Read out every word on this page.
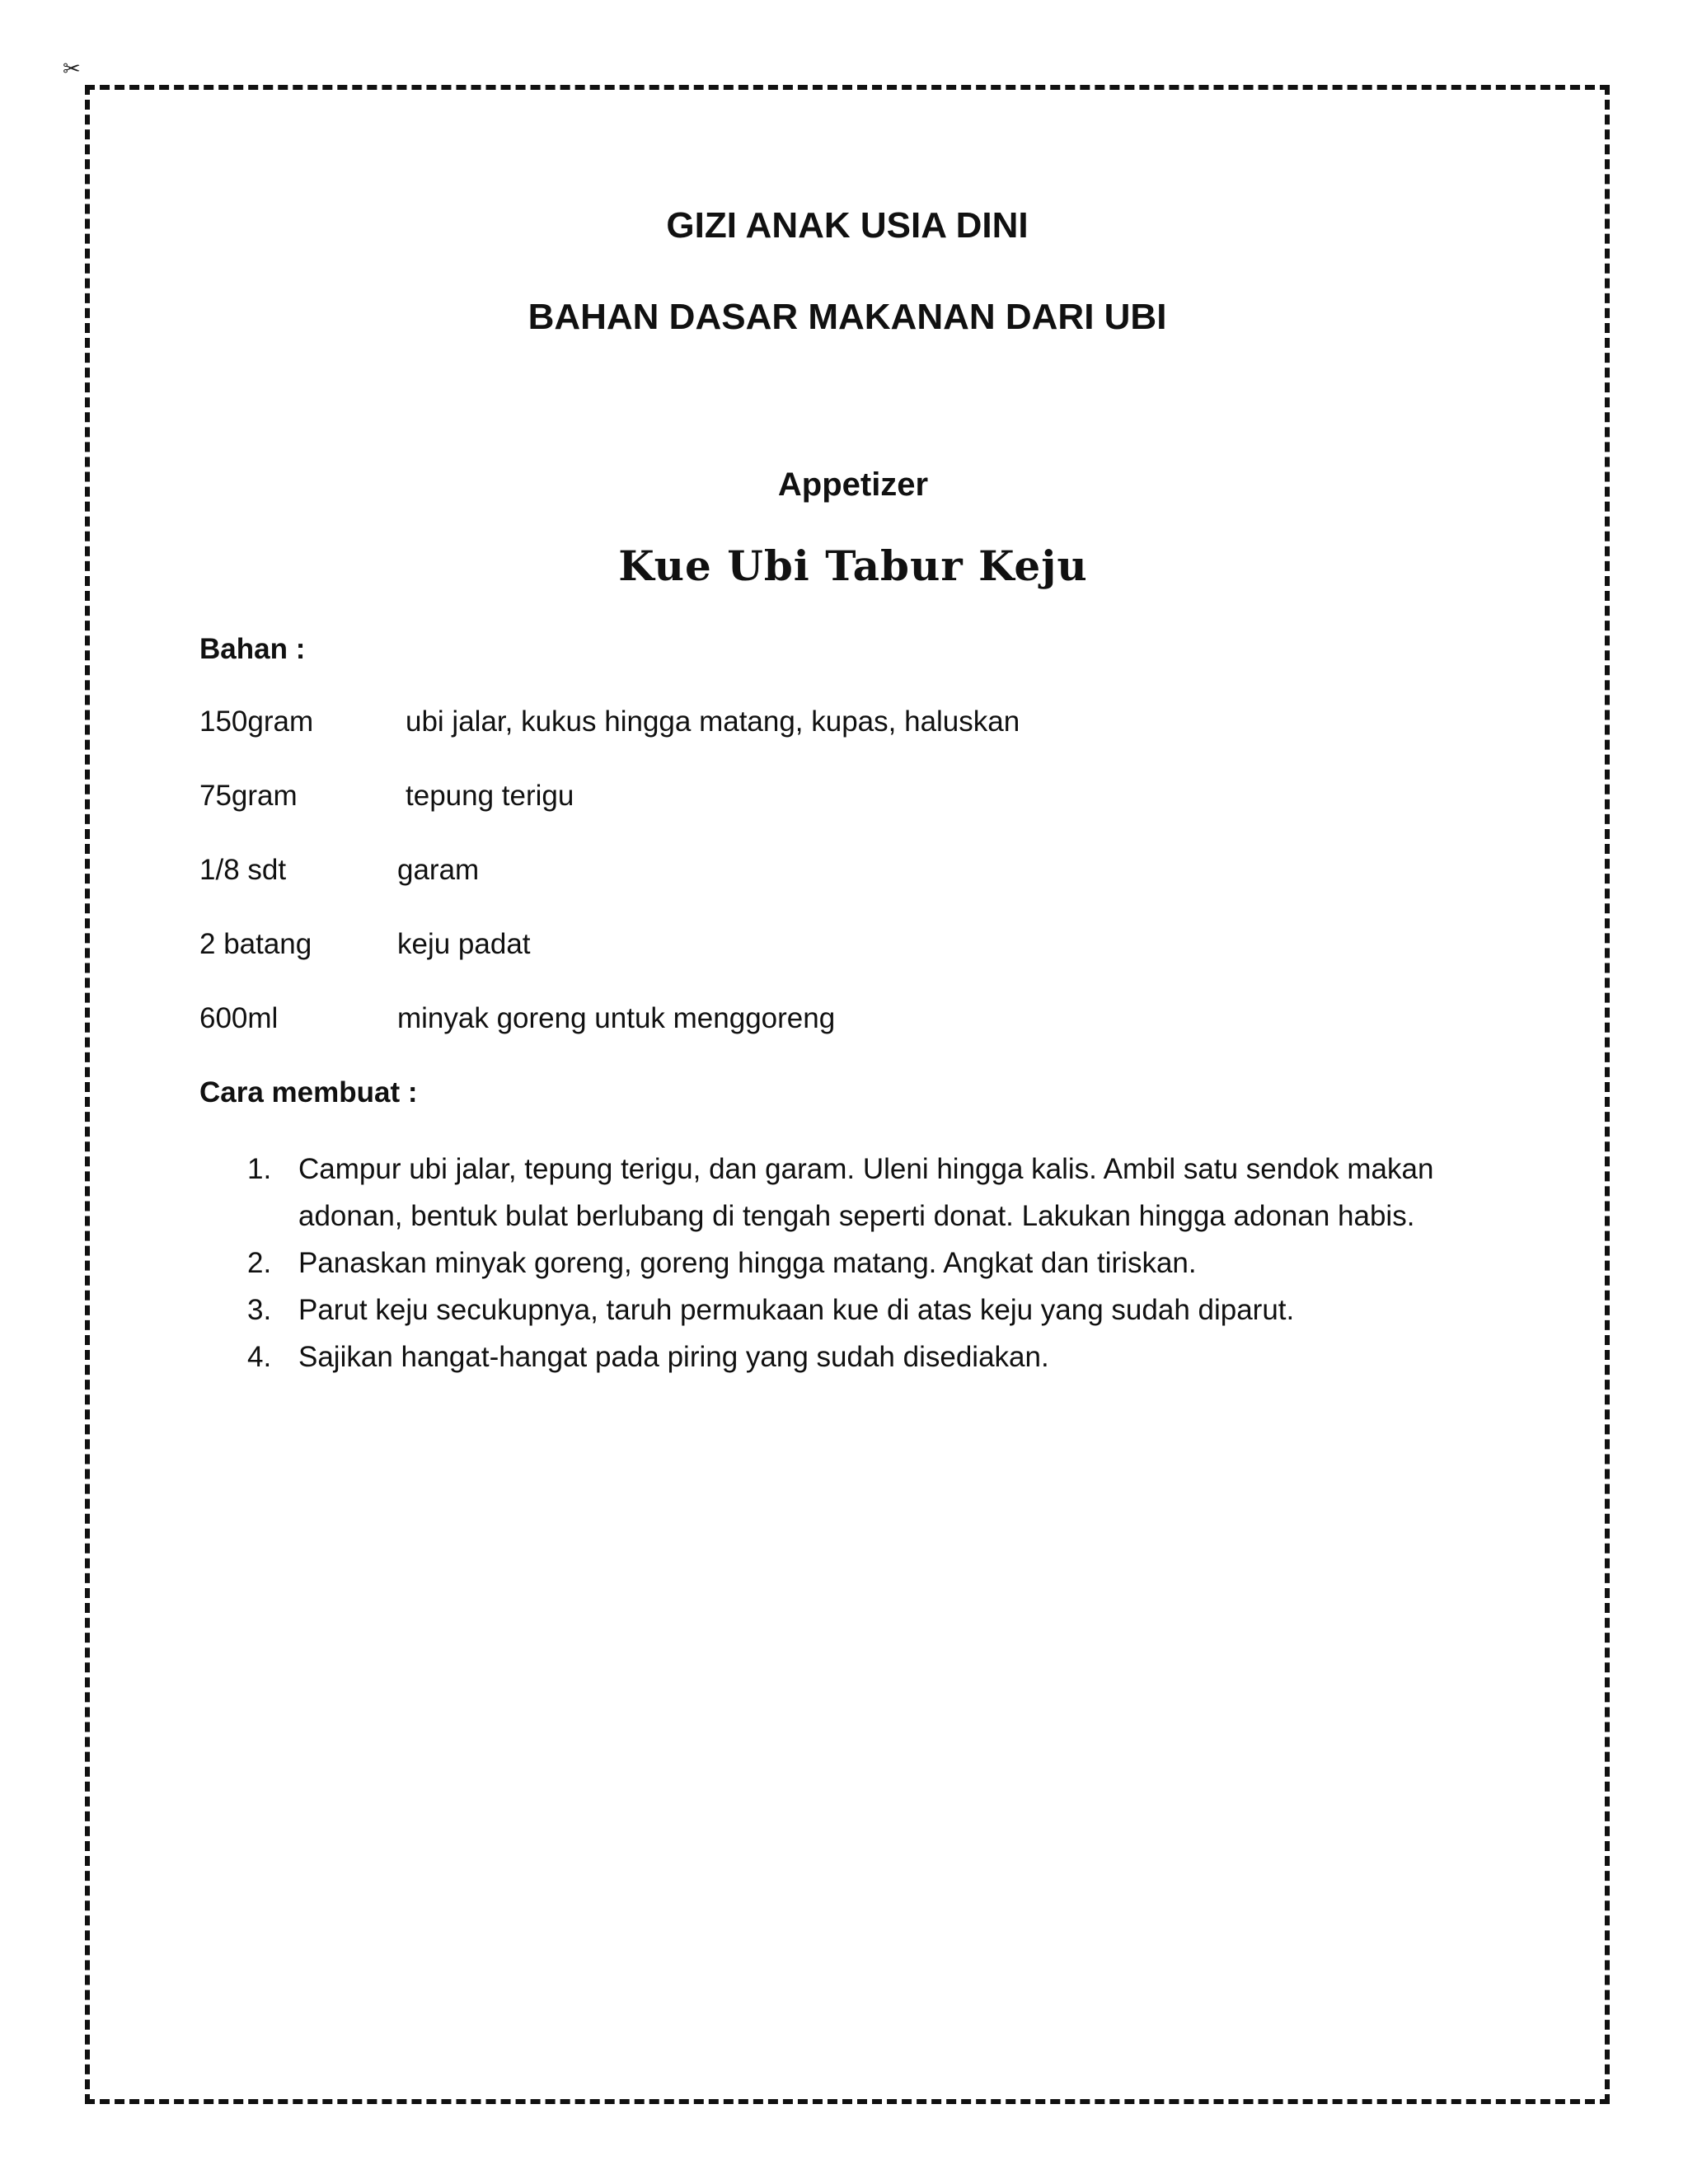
✂
GIZI ANAK USIA DINI
BAHAN DASAR MAKANAN DARI UBI
Appetizer
Kue Ubi Tabur Keju
Bahan :
150gram	ubi jalar, kukus hingga matang, kupas, haluskan
75gram	tepung terigu
1/8 sdt	garam
2 batang	keju padat
600ml	minyak goreng untuk menggoreng
Cara membuat :
1. Campur ubi jalar, tepung terigu, dan garam. Uleni hingga kalis. Ambil satu sendok makan adonan, bentuk bulat berlubang di tengah seperti donat. Lakukan hingga adonan habis.
2. Panaskan minyak goreng, goreng hingga matang. Angkat dan tiriskan.
3. Parut keju secukupnya, taruh permukaan kue di atas keju yang sudah diparut.
4. Sajikan hangat-hangat pada piring yang sudah disediakan.
